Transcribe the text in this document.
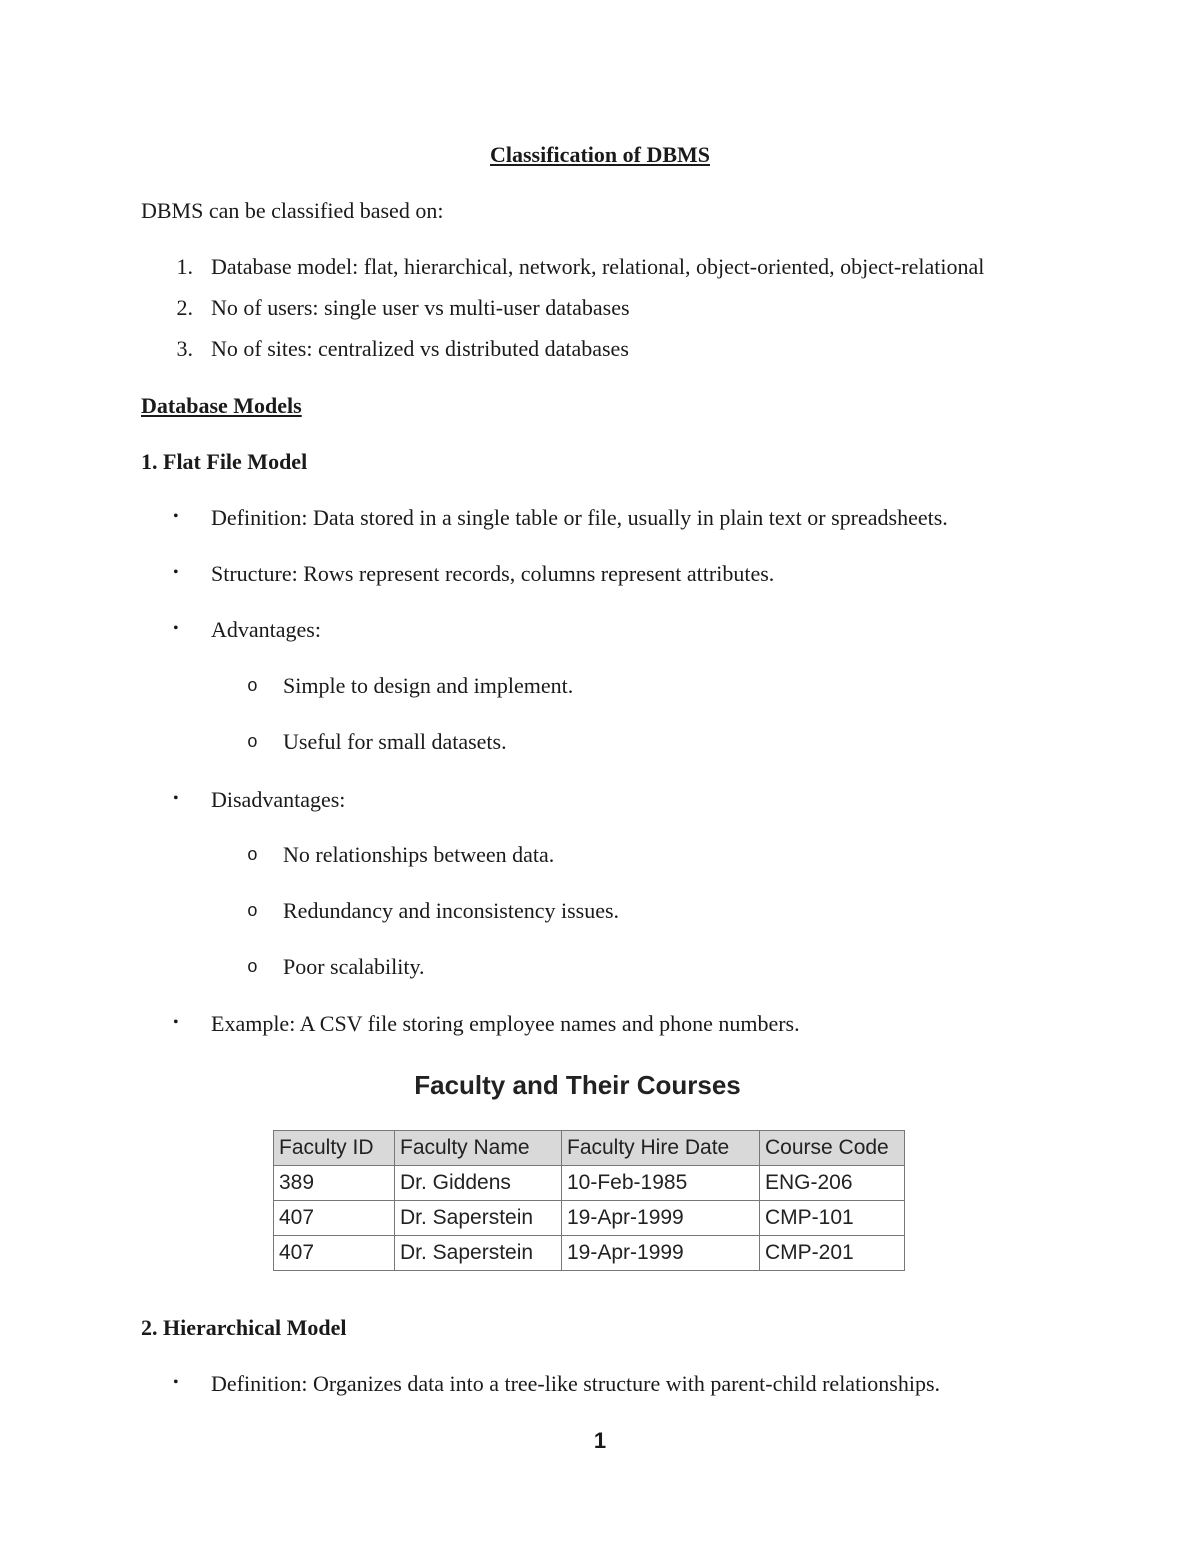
Classification of DBMS
DBMS can be classified based on:
1. Database model: flat, hierarchical, network, relational, object-oriented, object-relational
2. No of users: single user vs multi-user databases
3. No of sites: centralized vs distributed databases
Database Models
1. Flat File Model
• Definition: Data stored in a single table or file, usually in plain text or spreadsheets.
• Structure: Rows represent records, columns represent attributes.
• Advantages:
o Simple to design and implement.
o Useful for small datasets.
• Disadvantages:
o No relationships between data.
o Redundancy and inconsistency issues.
o Poor scalability.
• Example: A CSV file storing employee names and phone numbers.
Faculty and Their Courses
Faculty ID	Faculty Name	Faculty Hire Date	Course Code
389	Dr. Giddens	10-Feb-1985	ENG-206
407	Dr. Saperstein	19-Apr-1999	CMP-101
407	Dr. Saperstein	19-Apr-1999	CMP-201
2. Hierarchical Model
• Definition: Organizes data into a tree-like structure with parent-child relationships.
1
